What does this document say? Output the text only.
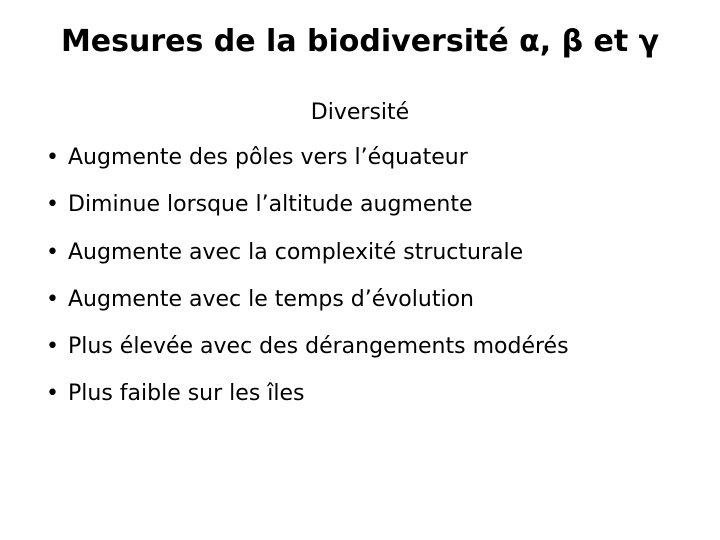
Mesures de la biodiversité α, β et γ
Diversité
• Augmente des pôles vers l’équateur
• Diminue lorsque l’altitude augmente
• Augmente avec la complexité structurale
• Augmente avec le temps d’évolution
• Plus élevée avec des dérangements modérés
• Plus faible sur les îles
